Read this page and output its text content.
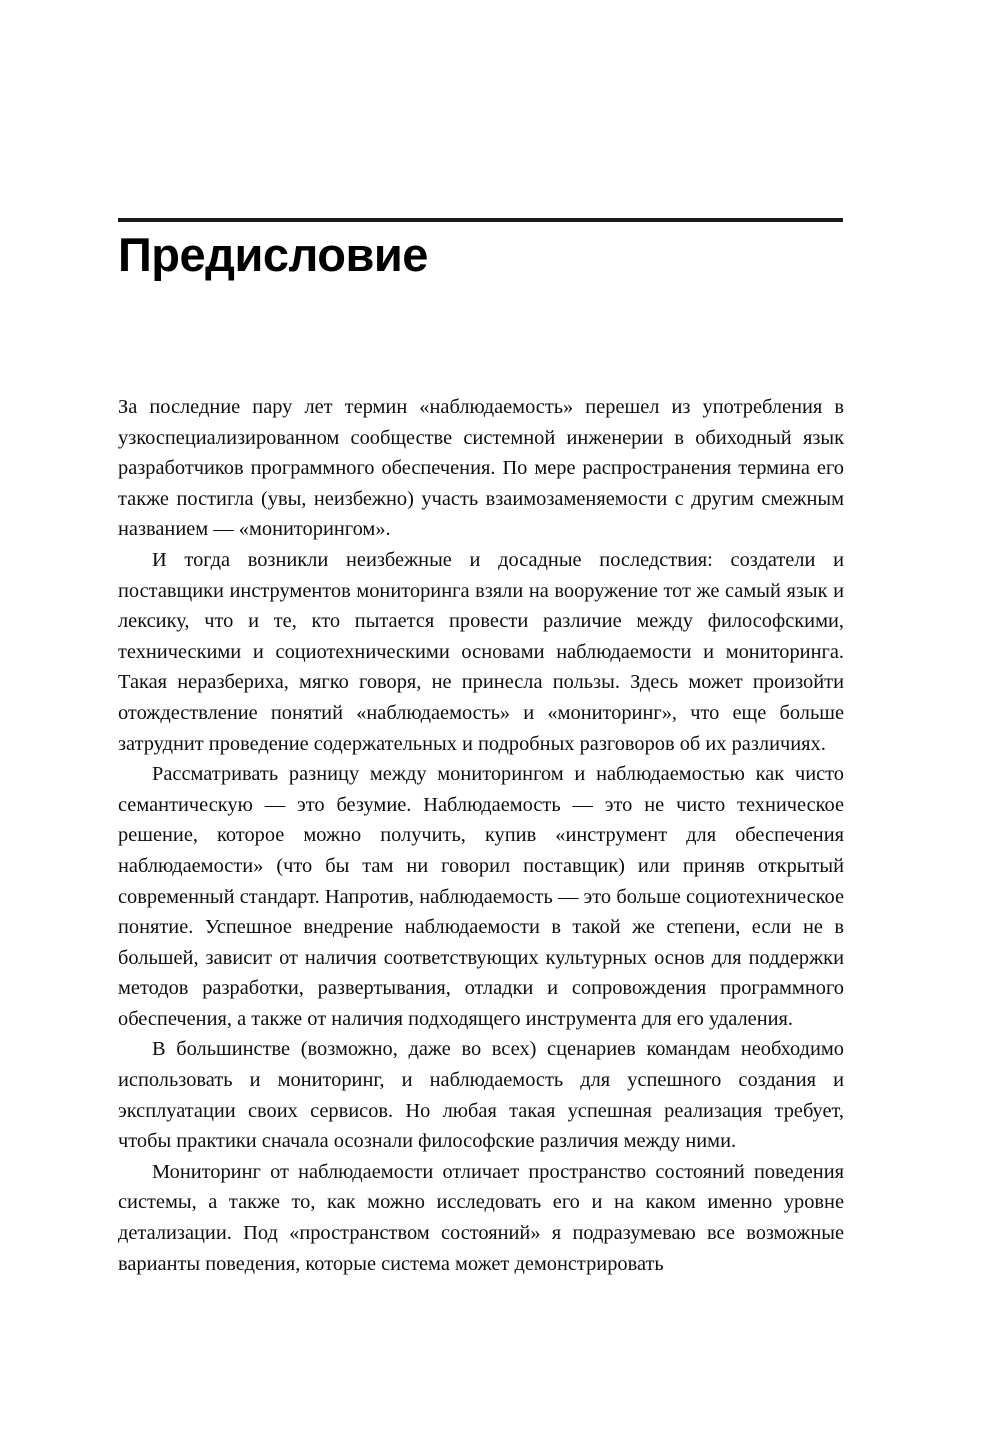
Предисловие

За последние пару лет термин «наблюдаемость» перешел из употребления в узкоспециализированном сообществе системной инженерии в обиходный язык разработчиков программного обеспечения. По мере распространения термина его также постигла (увы, неизбежно) участь взаимозаменяемости с другим смежным названием — «мониторингом».

И тогда возникли неизбежные и досадные последствия: создатели и поставщики инструментов мониторинга взяли на вооружение тот же самый язык и лексику, что и те, кто пытается провести различие между философскими, техническими и социотехническими основами наблюдаемости и мониторинга. Такая неразбериха, мягко говоря, не принесла пользы. Здесь может произойти отождествление понятий «наблюдаемость» и «мониторинг», что еще больше затруднит проведение содержательных и подробных разговоров об их различиях.

Рассматривать разницу между мониторингом и наблюдаемостью как чисто семантическую — это безумие. Наблюдаемость — это не чисто техническое решение, которое можно получить, купив «инструмент для обеспечения наблюдаемости» (что бы там ни говорил поставщик) или приняв открытый современный стандарт. Напротив, наблюдаемость — это больше социотехническое понятие. Успешное внедрение наблюдаемости в такой же степени, если не в большей, зависит от наличия соответствующих культурных основ для поддержки методов разработки, развертывания, отладки и сопровождения программного обеспечения, а также от наличия подходящего инструмента для его удаления.

В большинстве (возможно, даже во всех) сценариев командам необходимо использовать и мониторинг, и наблюдаемость для успешного создания и эксплуатации своих сервисов. Но любая такая успешная реализация требует, чтобы практики сначала осознали философские различия между ними.

Мониторинг от наблюдаемости отличает пространство состояний поведения системы, а также то, как можно исследовать его и на каком именно уровне детализации. Под «пространством состояний» я подразумеваю все возможные варианты поведения, которые система может демонстрировать
